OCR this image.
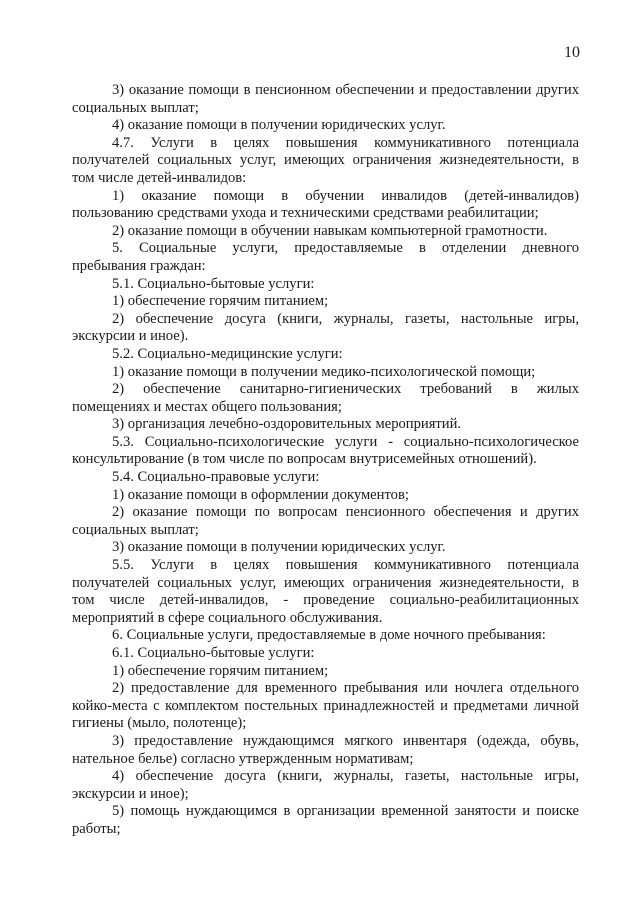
10

3) оказание помощи в пенсионном обеспечении и предоставлении других социальных выплат;

4) оказание помощи в получении юридических услуг.

4.7. Услуги в целях повышения коммуникативного потенциала получателей социальных услуг, имеющих ограничения жизнедеятельности, в том числе детей-инвалидов:

1) оказание помощи в обучении инвалидов (детей-инвалидов) пользованию средствами ухода и техническими средствами реабилитации;

2) оказание помощи в обучении навыкам компьютерной грамотности.

5. Социальные услуги, предоставляемые в отделении дневного пребывания граждан:

5.1. Социально-бытовые услуги:

1) обеспечение горячим питанием;

2) обеспечение досуга (книги, журналы, газеты, настольные игры, экскурсии и иное).

5.2. Социально-медицинские услуги:

1) оказание помощи в получении медико-психологической помощи;

2) обеспечение санитарно-гигиенических требований в жилых помещениях и местах общего пользования;

3) организация лечебно-оздоровительных мероприятий.

5.3. Социально-психологические услуги - социально-психологическое консультирование (в том числе по вопросам внутрисемейных отношений).

5.4. Социально-правовые услуги:

1) оказание помощи в оформлении документов;

2) оказание помощи по вопросам пенсионного обеспечения и других социальных выплат;

3) оказание помощи в получении юридических услуг.

5.5. Услуги в целях повышения коммуникативного потенциала получателей социальных услуг, имеющих ограничения жизнедеятельности, в том числе детей-инвалидов, - проведение социально-реабилитационных мероприятий в сфере социального обслуживания.

6. Социальные услуги, предоставляемые в доме ночного пребывания:

6.1. Социально-бытовые услуги:

1) обеспечение горячим питанием;

2) предоставление для временного пребывания или ночлега отдельного койко-места с комплектом постельных принадлежностей и предметами личной гигиены (мыло, полотенце);

3) предоставление нуждающимся мягкого инвентаря (одежда, обувь, нательное белье) согласно утвержденным нормативам;

4) обеспечение досуга (книги, журналы, газеты, настольные игры, экскурсии и иное);

5) помощь нуждающимся в организации временной занятости и поиске работы;
